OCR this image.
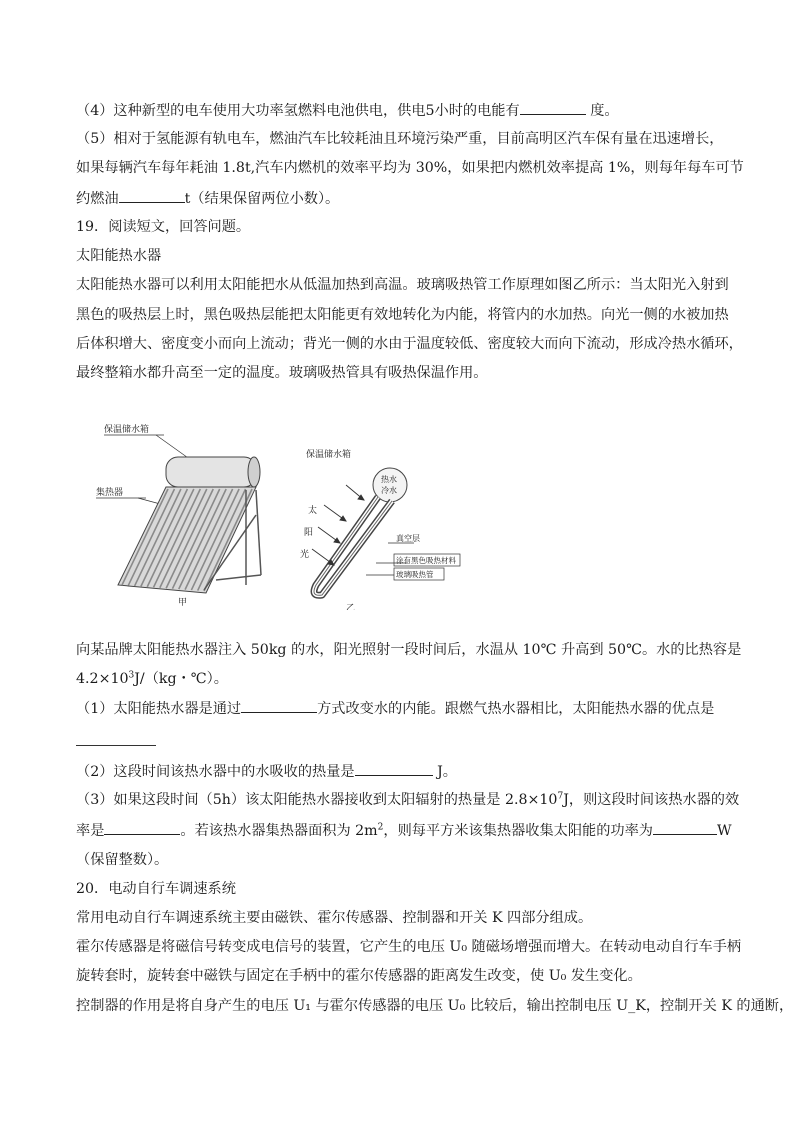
（4）这种新型的电车使用大功率氢燃料电池供电，供电5小时的电能有	度。
（5）相对于氢能源有轨电车，燃油汽车比较耗油且环境污染严重，目前高明区汽车保有量在迅速增长，
如果每辆汽车每年耗油 1.8t,汽车内燃机的效率平均为 30%，如果把内燃机效率提高 1%，则每年每车可节
约燃油	t（结果保留两位小数）。
19．阅读短文，回答问题。
太阳能热水器
太阳能热水器可以利用太阳能把水从低温加热到高温。玻璃吸热管工作原理如图乙所示：当太阳光入射到
黑色的吸热层上时，黑色吸热层能把太阳能更有效地转化为内能，将管内的水加热。向光一侧的水被加热
后体积增大、密度变小而向上流动；背光一侧的水由于温度较低、密度较大而向下流动，形成冷热水循环，
最终整箱水都升高至一定的温度。玻璃吸热管具有吸热保温作用。
保温储水箱
集热器
甲
保温储水箱
热水
冷水
太
阳
光
真空层
涂有黑色吸热材料
玻璃吸热管
乙
向某品牌太阳能热水器注入 50kg 的水，阳光照射一段时间后，水温从 10℃ 升高到 50℃。水的比热容是
$4.2\times 10^3J/(kg$・℃）。
（1）太阳能热水器是通过	方式改变水的内能。跟燃气热水器相比，太阳能热水器的优点是
（2）这段时间该热水器中的水吸收的热量是	J。
（3）如果这段时间（5h）该太阳能热水器接收到太阳辐射的热量是 $2.8\times 10^7J$，则这段时间该热水器的效
率是	。若该热水器集热器面积为 $2m^2$，则每平方米该集热器收集太阳能的功率为	W
（保留整数）。
20．电动自行车调速系统
常用电动自行车调速系统主要由磁铁、霍尔传感器、控制器和开关 K 四部分组成。
霍尔传感器是将磁信号转变成电信号的装置，它产生的电压 U₀ 随磁场增强而增大。在转动电动自行车手柄
旋转套时，旋转套中磁铁与固定在手柄中的霍尔传感器的距离发生改变，使 U₀ 发生变化。
控制器的作用是将自身产生的电压 U₁ 与霍尔传感器的电压 U₀ 比较后，输出控制电压 U_K，控制开关 K 的通断，
